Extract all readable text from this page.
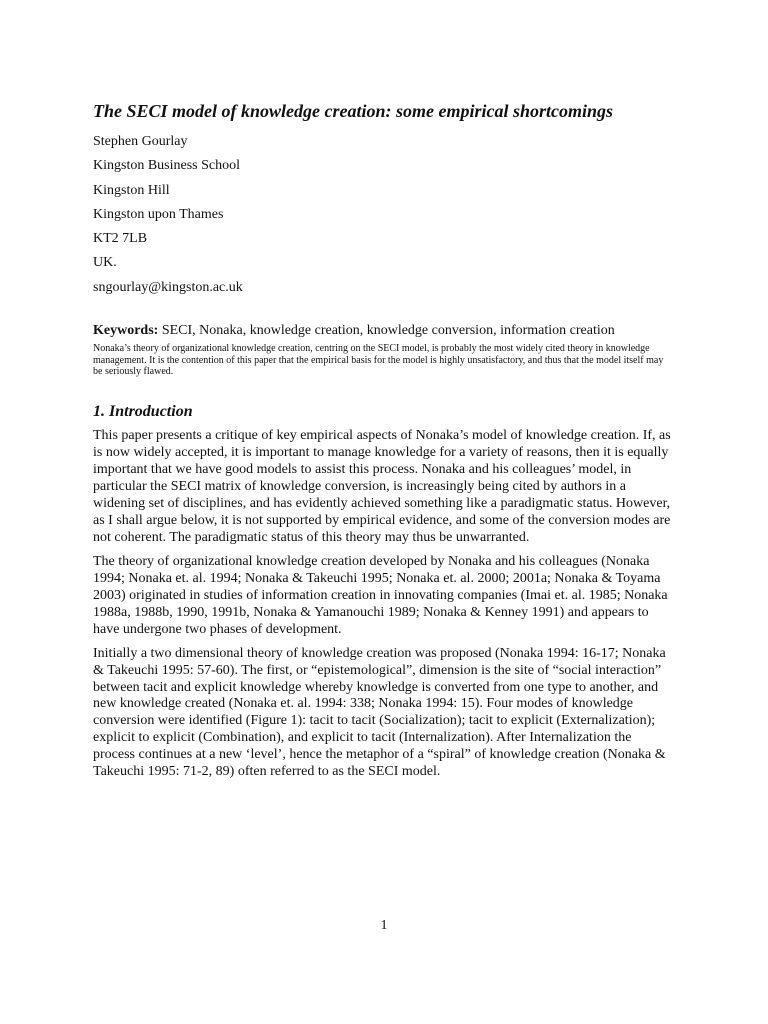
The SECI model of knowledge creation: some empirical shortcomings

Stephen Gourlay

Kingston Business School

Kingston Hill

Kingston upon Thames

KT2 7LB

UK.

sngourlay@kingston.ac.uk

Keywords: SECI, Nonaka, knowledge creation, knowledge conversion, information creation
Nonaka’s theory of organizational knowledge creation, centring on the SECI model, is probably the most widely cited theory in knowledge management. It is the contention of this paper that the empirical basis for the model is highly unsatisfactory, and thus that the model itself may be seriously flawed.
1. Introduction

This paper presents a critique of key empirical aspects of Nonaka’s model of knowledge creation. If, as is now widely accepted, it is important to manage knowledge for a variety of reasons, then it is equally important that we have good models to assist this process. Nonaka and his colleagues’ model, in particular the SECI matrix of knowledge conversion, is increasingly being cited by authors in a widening set of disciplines, and has evidently achieved something like a paradigmatic status. However, as I shall argue below, it is not supported by empirical evidence, and some of the conversion modes are not coherent. The paradigmatic status of this theory may thus be unwarranted.

The theory of organizational knowledge creation developed by Nonaka and his colleagues (Nonaka 1994; Nonaka et. al. 1994; Nonaka & Takeuchi 1995; Nonaka et. al. 2000; 2001a; Nonaka & Toyama 2003) originated in studies of information creation in innovating companies (Imai et. al. 1985; Nonaka 1988a, 1988b, 1990, 1991b, Nonaka & Yamanouchi 1989; Nonaka & Kenney 1991) and appears to have undergone two phases of development.

Initially a two dimensional theory of knowledge creation was proposed (Nonaka 1994: 16-17; Nonaka & Takeuchi 1995: 57-60). The first, or “epistemological”, dimension is the site of “social interaction” between tacit and explicit knowledge whereby knowledge is converted from one type to another, and new knowledge created (Nonaka et. al. 1994: 338; Nonaka 1994: 15). Four modes of knowledge conversion were identified (Figure 1): tacit to tacit (Socialization); tacit to explicit (Externalization); explicit to explicit (Combination), and explicit to tacit (Internalization). After Internalization the process continues at a new ‘level’, hence the metaphor of a “spiral” of knowledge creation (Nonaka & Takeuchi 1995: 71-2, 89) often referred to as the SECI model.

1
